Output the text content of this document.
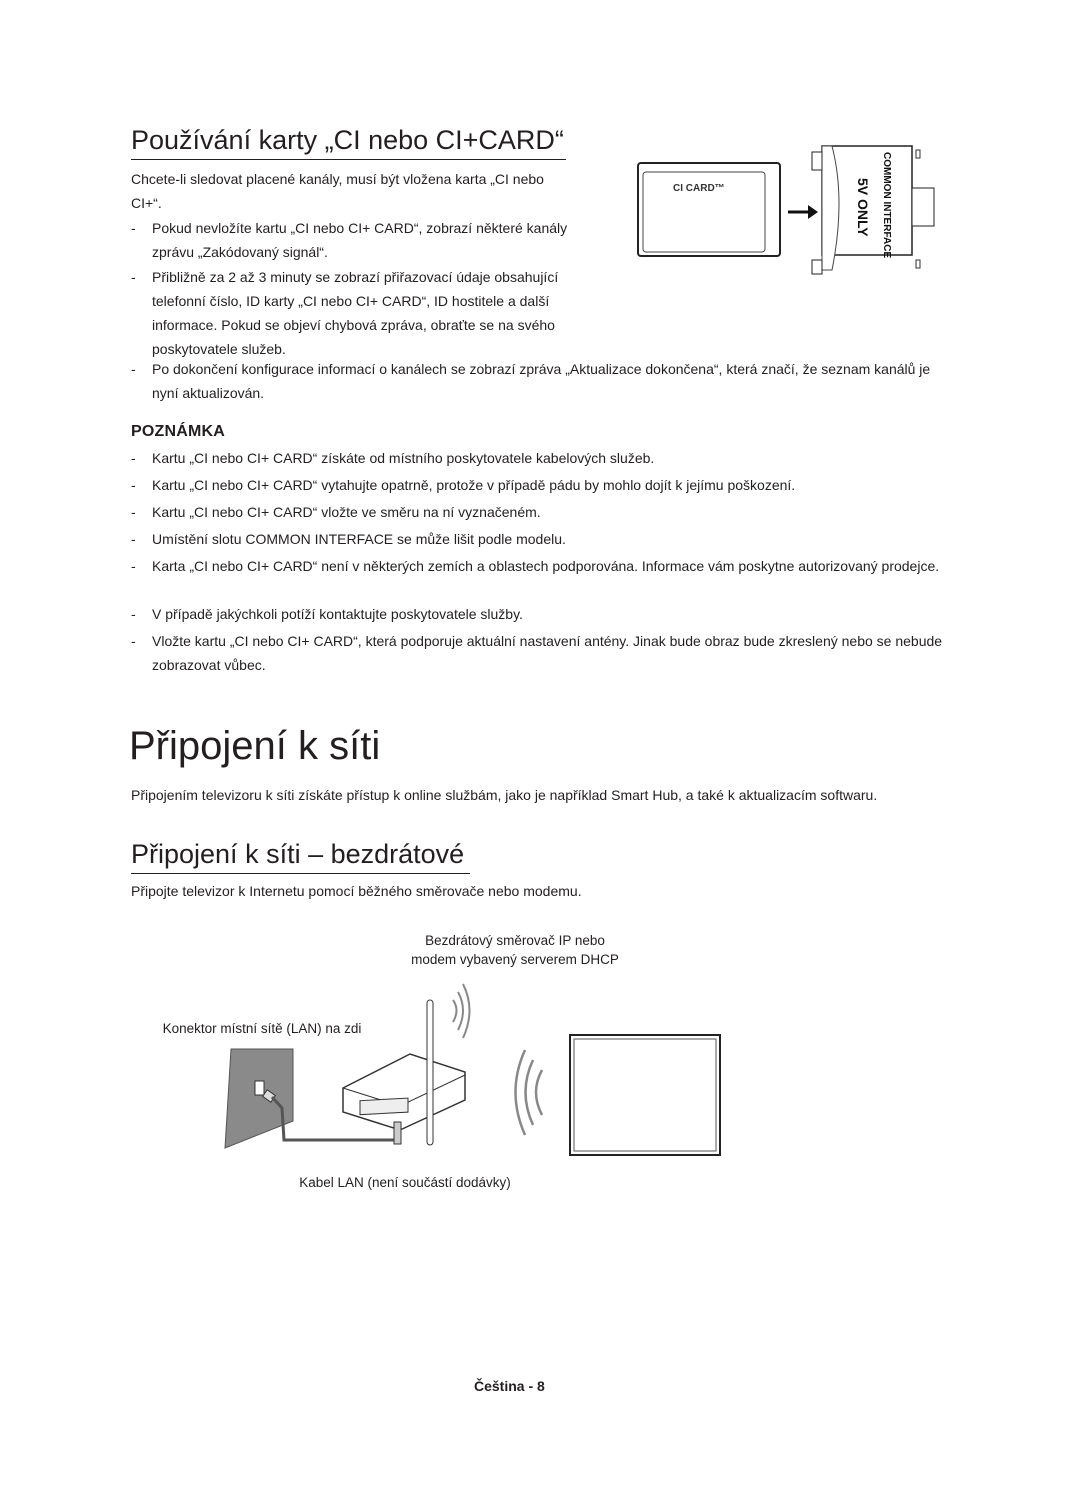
Používání karty „CI nebo CI+CARD“
Chcete-li sledovat placené kanály, musí být vložena karta „CI nebo CI+“.
- Pokud nevložíte kartu „CI nebo CI+ CARD“, zobrazí některé kanály zprávu „Zakódovaný signál“.
- Přibližně za 2 až 3 minuty se zobrazí přiřazovací údaje obsahující telefonní číslo, ID karty „CI nebo CI+ CARD“, ID hostitele a další informace. Pokud se objeví chybová zpráva, obraťte se na svého poskytovatele služeb.
- Po dokončení konfigurace informací o kanálech se zobrazí zpráva „Aktualizace dokončena“, která značí, že seznam kanálů je nyní aktualizován.
CI CARD™	COMMON INTERFACE
5V ONLY
POZNÁMKA
- Kartu „CI nebo CI+ CARD“ získáte od místního poskytovatele kabelových služeb.
- Kartu „CI nebo CI+ CARD“ vytahujte opatrně, protože v případě pádu by mohlo dojít k jejímu poškození.
- Kartu „CI nebo CI+ CARD“ vložte ve směru na ní vyznačeném.
- Umístění slotu COMMON INTERFACE se může lišit podle modelu.
- Karta „CI nebo CI+ CARD“ není v některých zemích a oblastech podporována. Informace vám poskytne autorizovaný prodejce.
- V případě jakýchkoli potíží kontaktujte poskytovatele služby.
- Vložte kartu „CI nebo CI+ CARD“, která podporuje aktuální nastavení antény. Jinak bude obraz bude zkreslený nebo se nebude zobrazovat vůbec.
Připojení k síti
Připojením televizoru k síti získáte přístup k online službám, jako je například Smart Hub, a také k aktualizacím softwaru.
Připojení k síti – bezdrátové
Připojte televizor k Internetu pomocí běžného směrovače nebo modemu.
Bezdrátový směrovač IP nebo
modem vybavený serverem DHCP
Konektor místní sítě (LAN) na zdi
Kabel LAN (není součástí dodávky)
Čeština - 8
